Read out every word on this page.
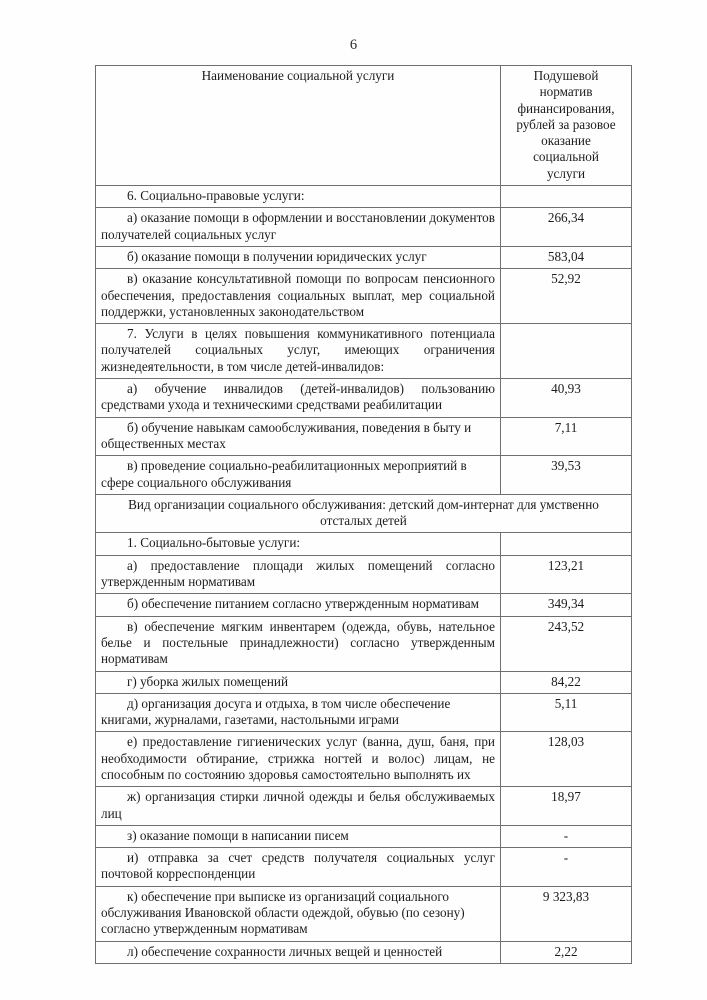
6
Наименование социальной услуги	Подушевой
норматив
финансирования,
рублей за разовое
оказание
социальной
услуги
6. Социально-правовые услуги:	
а) оказание помощи в оформлении и восстановлении документов получателей социальных услуг	266,34
б) оказание помощи в получении юридических услуг	583,04
в) оказание консультативной помощи по вопросам пенсионного обеспечения, предоставления социальных выплат, мер социальной поддержки, установленных законодательством	52,92
7. Услуги в целях повышения коммуникативного потенциала получателей социальных услуг, имеющих ограничения жизнедеятельности, в том числе детей-инвалидов:	
а) обучение инвалидов (детей-инвалидов) пользованию средствами ухода и техническими средствами реабилитации	40,93
б) обучение навыкам самообслуживания, поведения в быту и общественных местах	7,11
в) проведение социально-реабилитационных мероприятий в сфере социального обслуживания	39,53
Вид организации социального обслуживания: детский дом-интернат для умственно отсталых детей	
1. Социально-бытовые услуги:	
а) предоставление площади жилых помещений согласно утвержденным нормативам	123,21
б) обеспечение питанием согласно утвержденным нормативам	349,34
в) обеспечение мягким инвентарем (одежда, обувь, нательное белье и постельные принадлежности) согласно утвержденным нормативам	243,52
г) уборка жилых помещений	84,22
д) организация досуга и отдыха, в том числе обеспечение книгами, журналами, газетами, настольными играми	5,11
е) предоставление гигиенических услуг (ванна, душ, баня, при необходимости обтирание, стрижка ногтей и волос) лицам, не способным по состоянию здоровья самостоятельно выполнять их	128,03
ж) организация стирки личной одежды и белья обслуживаемых лиц	18,97
з) оказание помощи в написании писем	-
и) отправка за счет средств получателя социальных услуг почтовой корреспонденции	-
к) обеспечение при выписке из организаций социального обслуживания Ивановской области одеждой, обувью (по сезону) согласно утвержденным нормативам	9 323,83
л) обеспечение сохранности личных вещей и ценностей	2,22
